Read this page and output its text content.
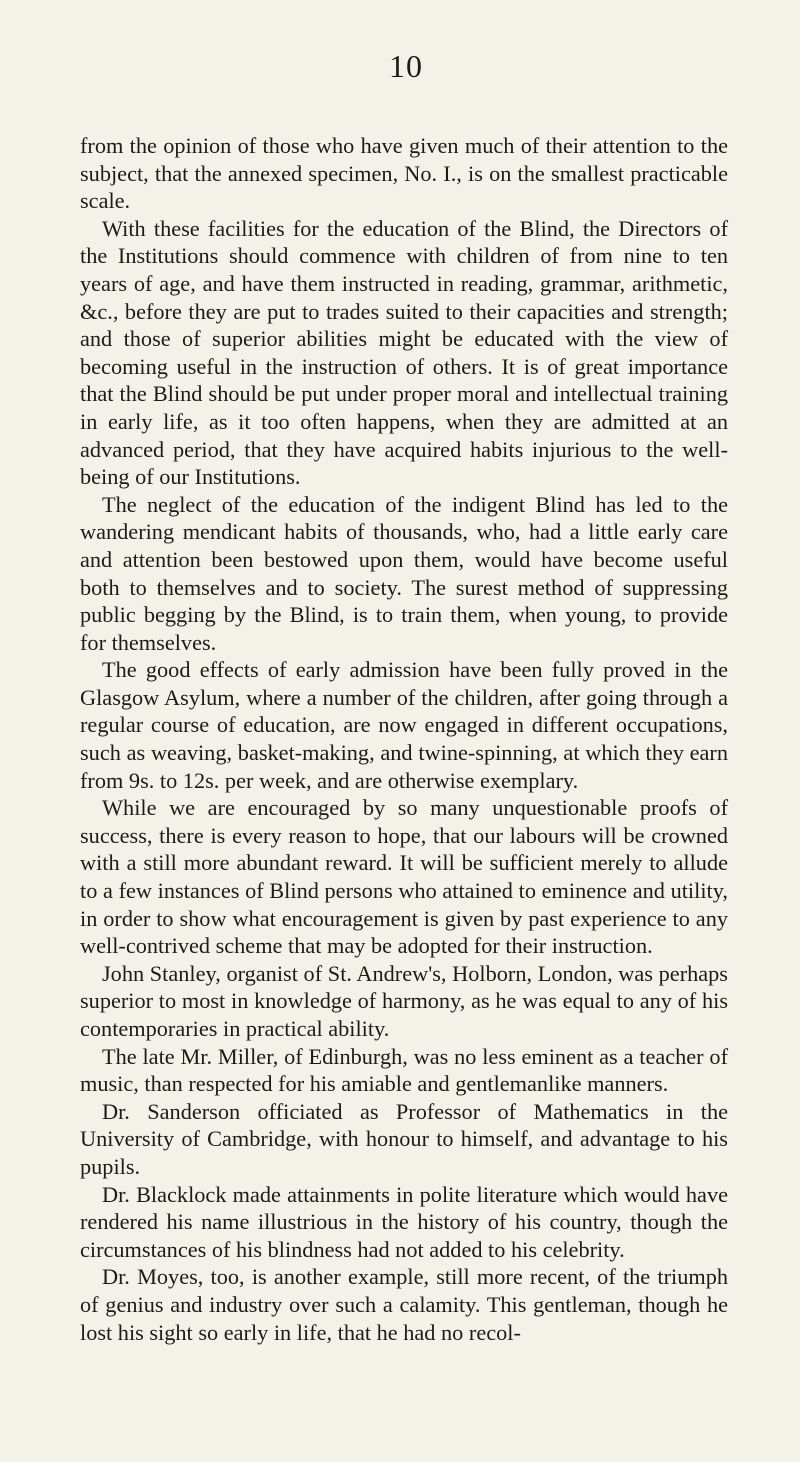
10

from the opinion of those who have given much of their attention to the subject, that the annexed specimen, No. I., is on the smallest practicable scale.

With these facilities for the education of the Blind, the Directors of the Institutions should commence with children of from nine to ten years of age, and have them instructed in reading, grammar, arithmetic, &c., before they are put to trades suited to their capacities and strength; and those of superior abilities might be educated with the view of becoming useful in the instruction of others. It is of great importance that the Blind should be put under proper moral and intellectual training in early life, as it too often happens, when they are admitted at an advanced period, that they have acquired habits injurious to the well-being of our Institutions.

The neglect of the education of the indigent Blind has led to the wandering mendicant habits of thousands, who, had a little early care and attention been bestowed upon them, would have become useful both to themselves and to society. The surest method of suppressing public begging by the Blind, is to train them, when young, to provide for themselves.

The good effects of early admission have been fully proved in the Glasgow Asylum, where a number of the children, after going through a regular course of education, are now engaged in different occupations, such as weaving, basket-making, and twine-spinning, at which they earn from 9s. to 12s. per week, and are otherwise exemplary.

While we are encouraged by so many unquestionable proofs of success, there is every reason to hope, that our labours will be crowned with a still more abundant reward. It will be sufficient merely to allude to a few instances of Blind persons who attained to eminence and utility, in order to show what encouragement is given by past experience to any well-contrived scheme that may be adopted for their instruction.

John Stanley, organist of St. Andrew's, Holborn, London, was perhaps superior to most in knowledge of harmony, as he was equal to any of his contemporaries in practical ability.

The late Mr. Miller, of Edinburgh, was no less eminent as a teacher of music, than respected for his amiable and gentlemanlike manners.

Dr. Sanderson officiated as Professor of Mathematics in the University of Cambridge, with honour to himself, and advantage to his pupils.

Dr. Blacklock made attainments in polite literature which would have rendered his name illustrious in the history of his country, though the circumstances of his blindness had not added to his celebrity.

Dr. Moyes, too, is another example, still more recent, of the triumph of genius and industry over such a calamity. This gentleman, though he lost his sight so early in life, that he had no recol-
